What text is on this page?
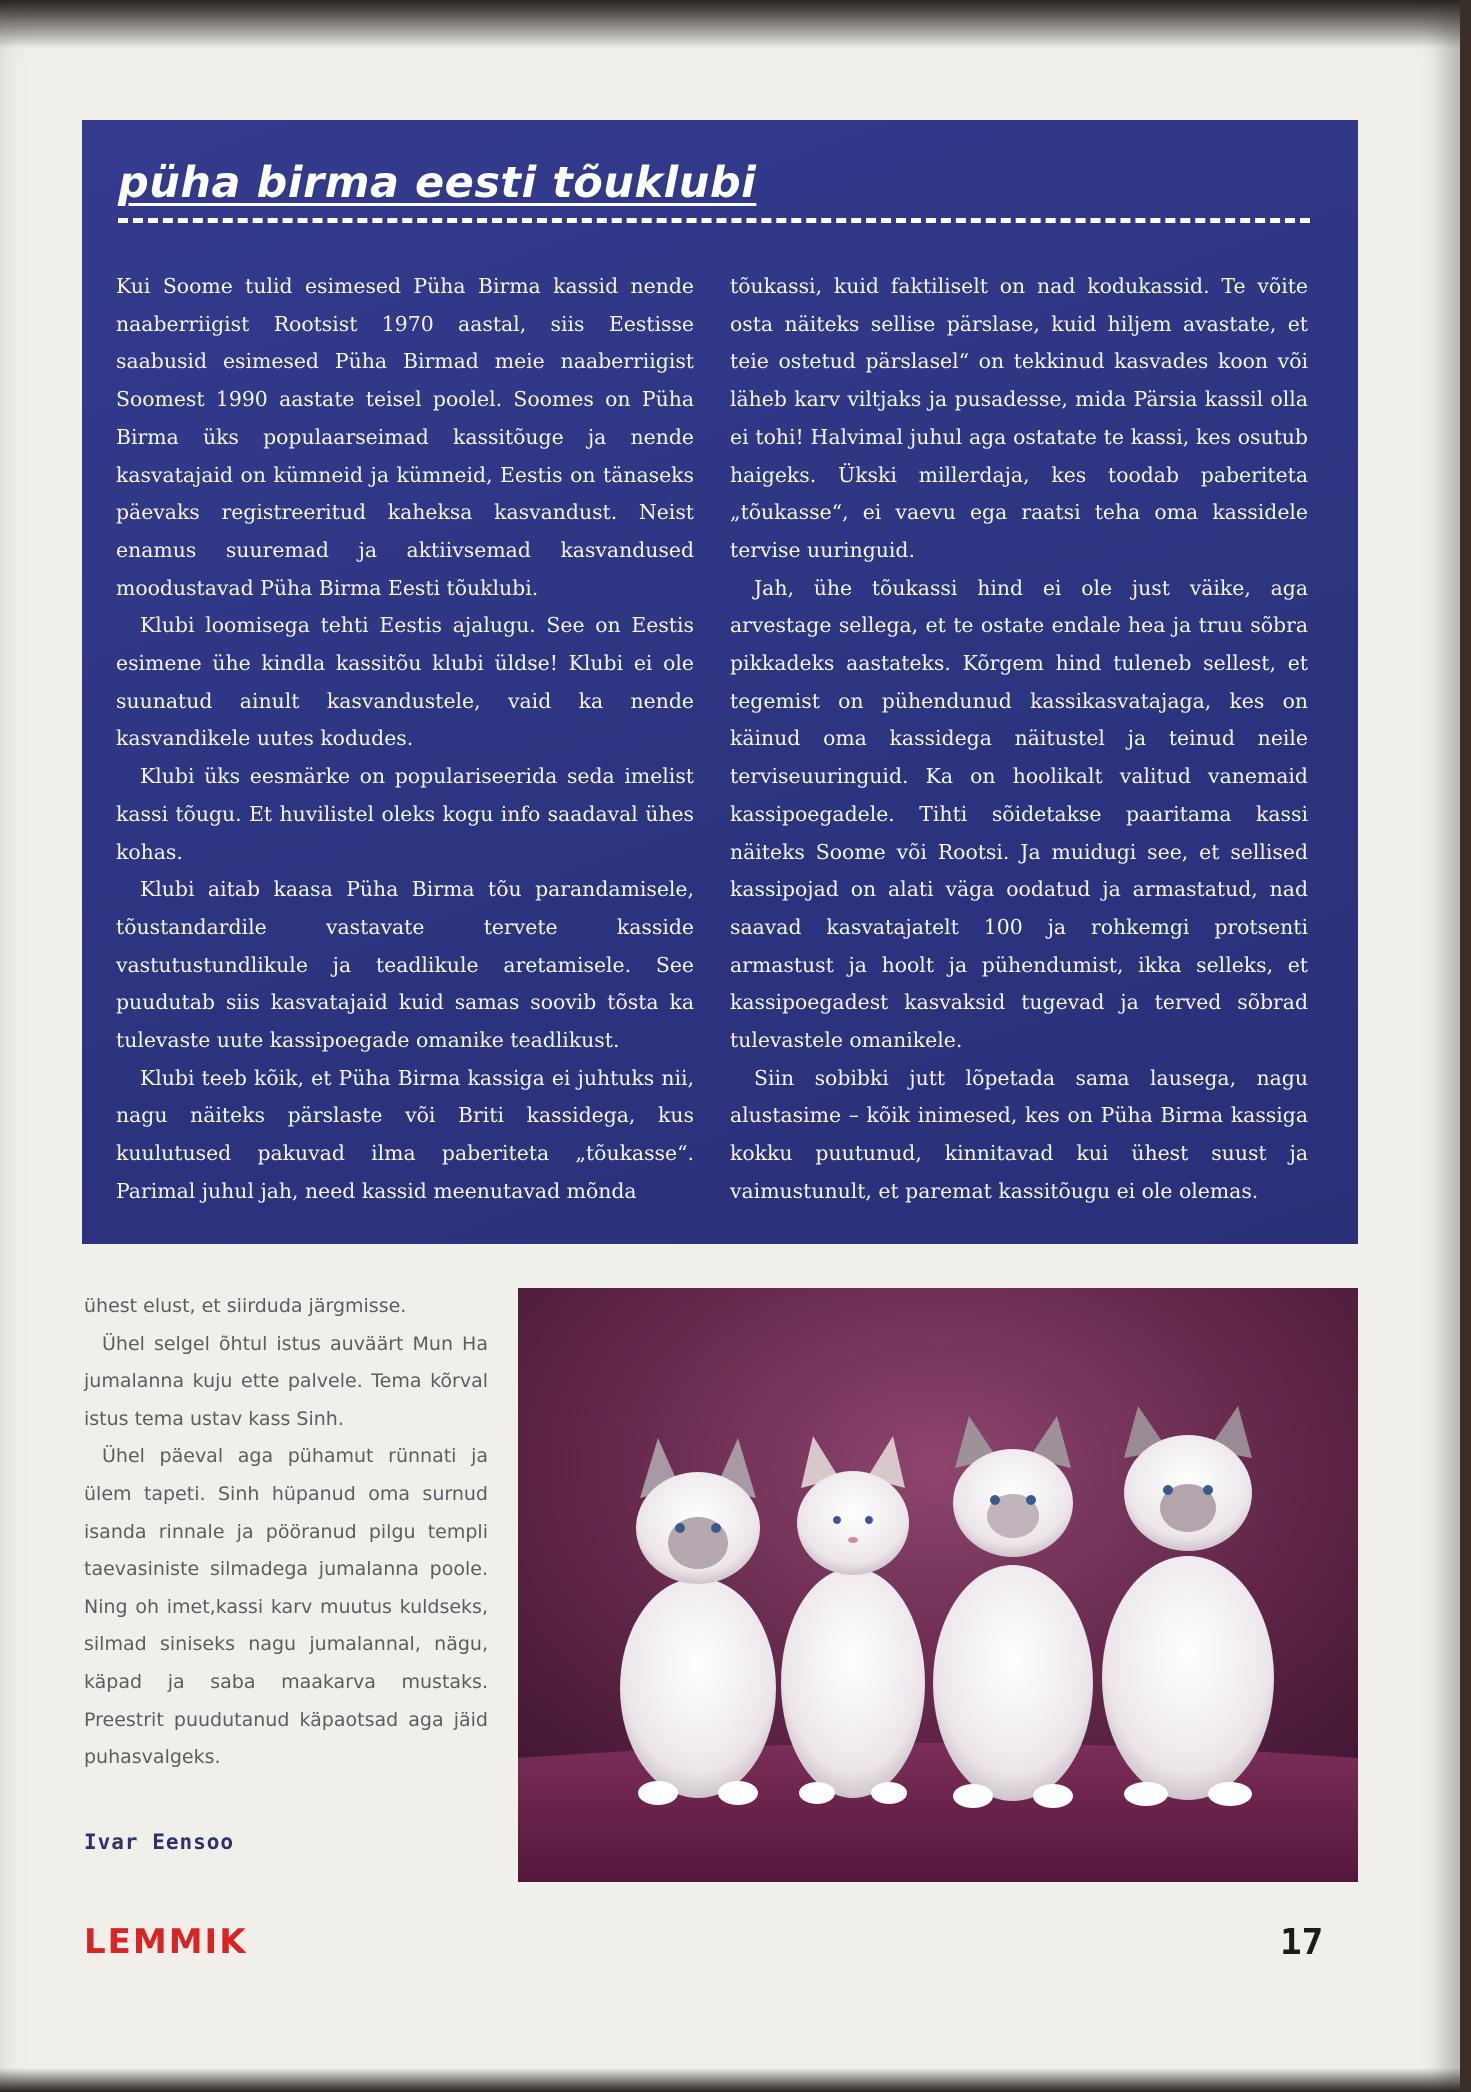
püha birma eesti tõuklubi

Kui Soome tulid esimesed Püha Birma kassid nende naaberriigist Rootsist 1970 aastal, siis Eestisse saabusid esimesed Püha Birmad meie naaberriigist Soomest 1990 aastate teisel poolel. Soomes on Püha Birma üks populaarseimad kassitõuge ja nende kasvatajaid on kümneid ja kümneid, Eestis on tänaseks päevaks registreeritud kaheksa kasvandust. Neist enamus suuremad ja aktiivsemad kasvandused moodustavad Püha Birma Eesti tõuklubi.

Klubi loomisega tehti Eestis ajalugu. See on Eestis esimene ühe kindla kassitõu klubi üldse! Klubi ei ole suunatud ainult kasvandustele, vaid ka nende kasvandikele uutes kodudes.

Klubi üks eesmärke on populariseerida seda imelist kassi tõugu. Et huvilistel oleks kogu info saadaval ühes kohas.

Klubi aitab kaasa Püha Birma tõu parandamisele, tõustandardile vastavate tervete kasside vastutustundlikule ja teadlikule aretamisele. See puudutab siis kasvatajaid kuid samas soovib tõsta ka tulevaste uute kassipoegade omanike teadlikust.

Klubi teeb kõik, et Püha Birma kassiga ei juhtuks nii, nagu näiteks pärslaste või Briti kassidega, kus kuulutused pakuvad ilma paberiteta „tõukasse“. Parimal juhul jah, need kassid meenutavad mõnda

tõukassi, kuid faktiliselt on nad kodukassid. Te võite osta näiteks sellise pärslase, kuid hiljem avastate, et teie ostetud pärslasel“ on tekkinud kasvades koon või läheb karv viltjaks ja pusadesse, mida Pärsia kassil olla ei tohi! Halvimal juhul aga ostatate te kassi, kes osutub haigeks. Ükski millerdaja, kes toodab paberiteta „tõukasse“, ei vaevu ega raatsi teha oma kassidele tervise uuringuid.

Jah, ühe tõukassi hind ei ole just väike, aga arvestage sellega, et te ostate endale hea ja truu sõbra pikkadeks aastateks. Kõrgem hind tuleneb sellest, et tegemist on pühendunud kassikasvatajaga, kes on käinud oma kassidega näitustel ja teinud neile terviseuuringuid. Ka on hoolikalt valitud vanemaid kassipoegadele. Tihti sõidetakse paaritama kassi näiteks Soome või Rootsi. Ja muidugi see, et sellised kassipojad on alati väga oodatud ja armastatud, nad saavad kasvatajatelt 100 ja rohkemgi protsenti armastust ja hoolt ja pühendumist, ikka selleks, et kassipoegadest kasvaksid tugevad ja terved sõbrad tulevastele omanikele.

Siin sobibki jutt lõpetada sama lausega, nagu alustasime – kõik inimesed, kes on Püha Birma kassiga kokku puutunud, kinnitavad kui ühest suust ja vaimustunult, et paremat kassitõugu ei ole olemas.

ühest elust, et siirduda järgmisse.

Ühel selgel õhtul istus auväärt Mun Ha jumalanna kuju ette palvele. Tema kõrval istus tema ustav kass Sinh.

Ühel päeval aga pühamut rünnati ja ülem tapeti. Sinh hüpanud oma surnud isanda rinnale ja pööranud pilgu templi taevasiniste silmadega jumalanna poole. Ning oh imet,kassi karv muutus kuldseks, silmad siniseks nagu jumalannal, nägu, käpad ja saba maakarva mustaks. Preestrit puudutanud käpaotsad aga jäid puhasvalgeks.

Ivar Eensoo
LEMMIK	17
